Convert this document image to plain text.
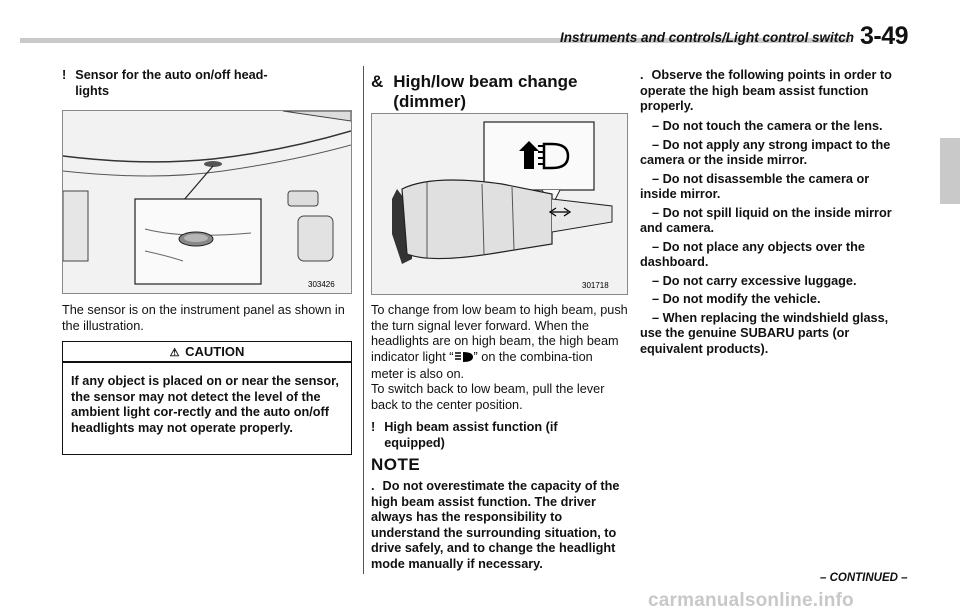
Instruments and controls/Light control switch 3-49
! Sensor for the auto on/off head-lights
303426
The sensor is on the instrument panel as shown in the illustration.
⚠ CAUTION
If any object is placed on or near the sensor, the sensor may not detect the level of the ambient light cor-rectly and the auto on/off headlights may not operate properly.
& High/low beam change
(dimmer)
301718
To change from low beam to high beam, push the turn signal lever forward. When the headlights are on high beam, the high beam indicator light “ ” on the combina-tion meter is also on.
To switch back to low beam, pull the lever back to the center position.
! High beam assist function (if equipped)
NOTE
. Do not overestimate the capacity of the high beam assist function. The driver always has the responsibility to understand the surrounding situation, to drive safely, and to change the headlight mode manually if necessary.
. Observe the following points in order to operate the high beam assist function properly.
– Do not touch the camera or the lens.
– Do not apply any strong impact to the camera or the inside mirror.
– Do not disassemble the camera or inside mirror.
– Do not spill liquid on the inside mirror and camera.
– Do not place any objects over the dashboard.
– Do not carry excessive luggage.
– Do not modify the vehicle.
– When replacing the windshield glass, use the genuine SUBARU parts (or equivalent products).
– CONTINUED –
carmanualsonline.info
